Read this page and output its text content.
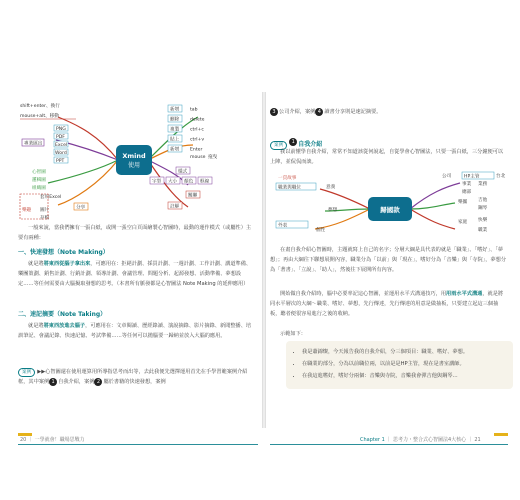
Xmind
使用
shift+enter、換行
mouse+alt、移動
PNG
PDF
Excel
Word
PPT
專業匯出
心智圖
邏輯圖
組織圖
套用Excel
分享
樂趣 圖片
存檔
新增
刪除
複製
貼上
新增
tab
delete
ctrl+c
ctrl+v
Enter
mouse 拖曳
樣式
字型 大小 顏色 框線
關聯
註解

一般來說，當我們擁有一張白紙，或開一張空白頁面繪製心智圖時，最動的運作模式（或屬性）主要有兩種：

一、快速發想（Note Making）

就是將將東西從腦子拿出來，可應用在：拒絕計劃、採買計劃、一週計劃、工作計劃、講道準備、樂團策劃、銷售計劃、行銷計劃、領導計劃、會議管理、問題分析、起源發想、活動準備、夢想設定……等任何需要由大腦擬取發想的思考。（本書所有脈發都是心智圖法 Note Making 的延伸應用）

二、速記摘要（Note Taking）

就是將將東西放進去腦子，可應用在：文章閱讀、歷經錄讀、演說摘錄、影片摘錄、新聞整播、培訓筆記、會議記錄、快速記憶、考試準備……等任何可以拋腦要一歸納並放入大腦的應用。

案例 ▶▶心智圖還在使用運算用所導指思考而出等，去此我便先選擇運用首先在手學習範案例介紹框，其中案例 1 自我介紹，案例 2 屬於書籍的快速發想，案例
20 ｜ 一學就會！職場思戰力

3 公司介紹，案例 4 讀書分享則是速記摘要。

案例1 自我介紹

我以前懂學自我介紹，常常不知道該從何說起，自從學會心智圖法，只要一張白紙，三分鐘便可以上陣，並侃侃而談。

歸國款
一頁故事
職業與職位	意義
夢想
外表
個性
公司	HP主管
事業 業務
總部
樂團 吉他
鋼琴
家庭 快樂
職業
台北

在畫自我介紹心智圖時，主題就寫上自己的名字；分層大綱是具代表的就是「職業」、「嗜好」、「夢想」；再由大綱往下聯想展開內容，職業分為「以前」與「現在」，嗜好分為「音樂」與「寺院」，夢想分為「著書」、「立說」、「助人」，然後往下展開所有內容。

開始做自我介紹時，腦中必要率記這心智圖，並運用水平式溝通技巧，用用雨水平式溝通，就是將同水平層次的大綱～職業、嗜好、夢想，先行傳達，先行傳達的用意是做抽板，只要建立起這三個抽板，聽者便很容易進行之後的收納。

示範如下：

• 我是蕭錦燦，今天報告我的自我介紹，分三個項目：職業、嗜好、夢想。
• 在職業的部分，分為以前職位兩，以前是是HP主管，現在是書室講師。
• 在我這進嗜好，嗜好分兩個：音樂與寺院，音樂我會彈吉他與鋼琴…
Chapter 1 ｜ 思考力・整合式心智圖法4大核心 ｜ 21
